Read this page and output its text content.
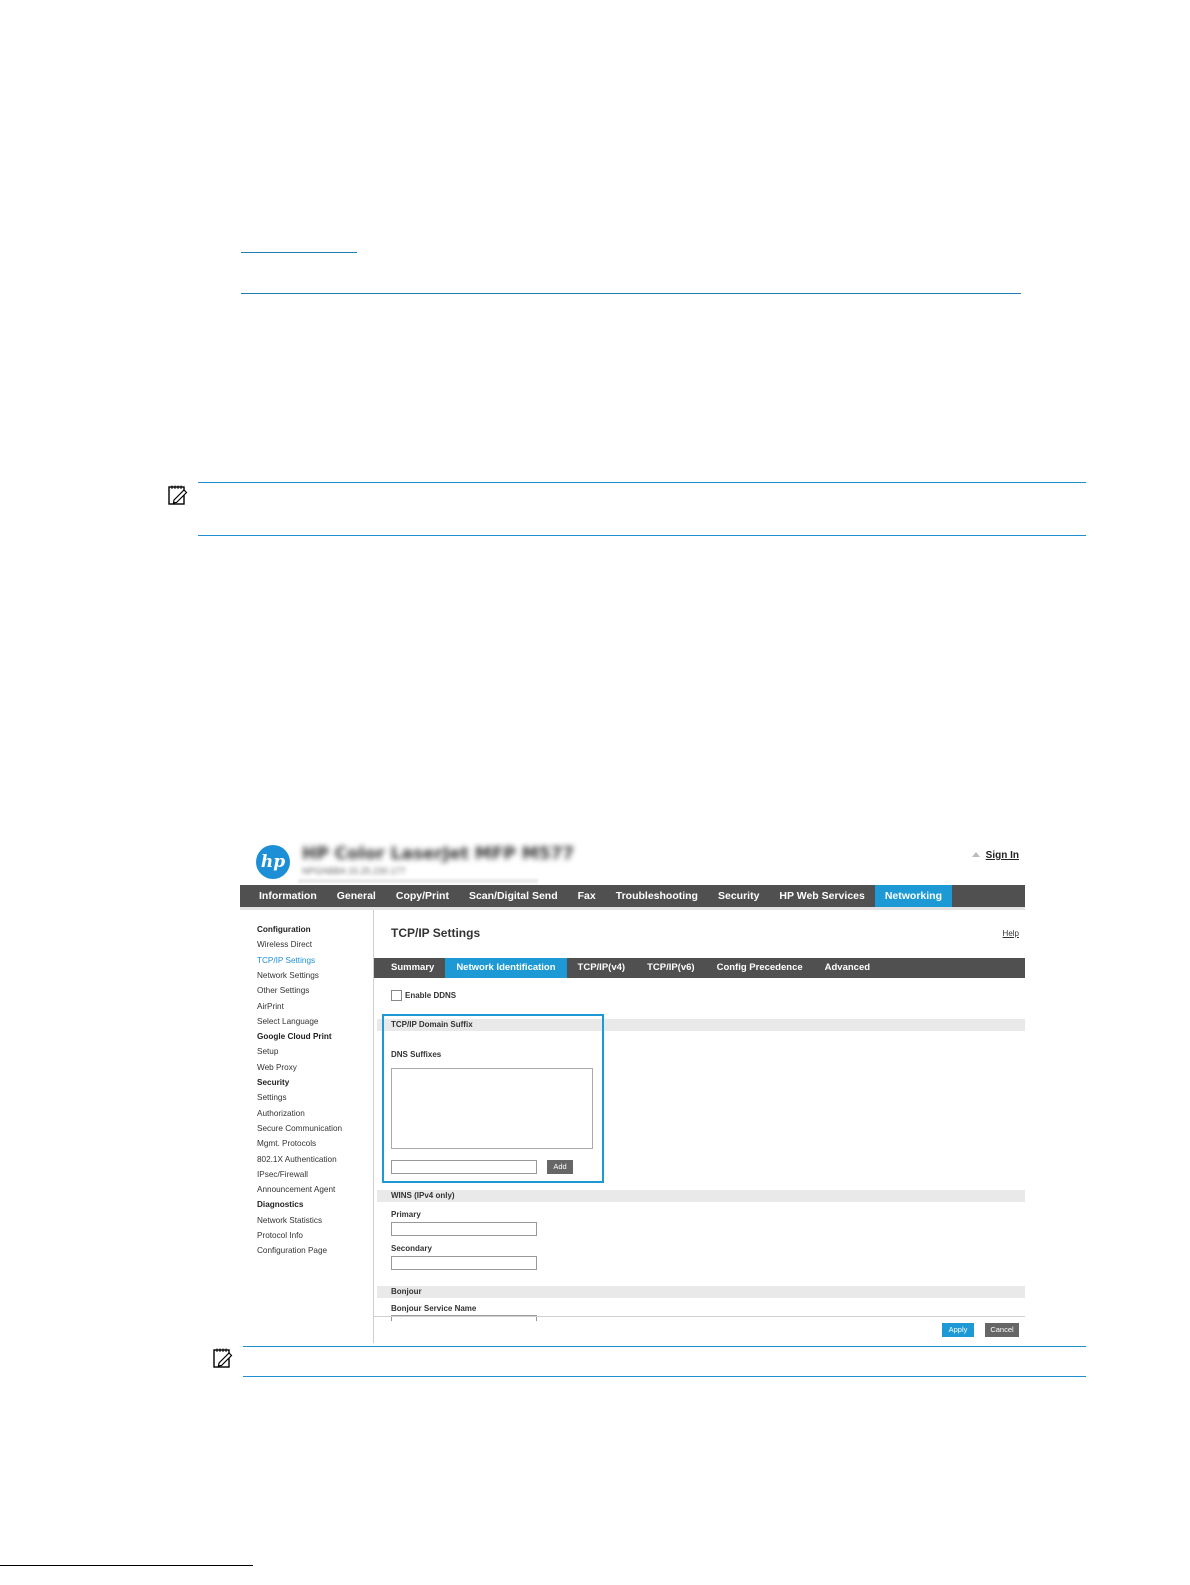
hp HP Color LaserJet MFP M577
NPI2ABBA 15.25.230.177
Sign In
Information	General	Copy/Print	Scan/Digital Send	Fax	Troubleshooting	Security	HP Web Services	Networking
Configuration
Wireless Direct
TCP/IP Settings
Network Settings
Other Settings
AirPrint
Select Language
Google Cloud Print
Setup
Web Proxy
Security
Settings
Authorization
Secure Communication
Mgmt. Protocols
802.1X Authentication
IPsec/Firewall
Announcement Agent
Diagnostics
Network Statistics
Protocol Info
Configuration Page
TCP/IP Settings	Help
Summary	Network Identification	TCP/IP(v4)	TCP/IP(v6)	Config Precedence	Advanced
Enable DDNS
TCP/IP Domain Suffix
DNS Suffixes
Add
WINS (IPv4 only)
Primary
Secondary
Bonjour
Bonjour Service Name
Apply	Cancel
